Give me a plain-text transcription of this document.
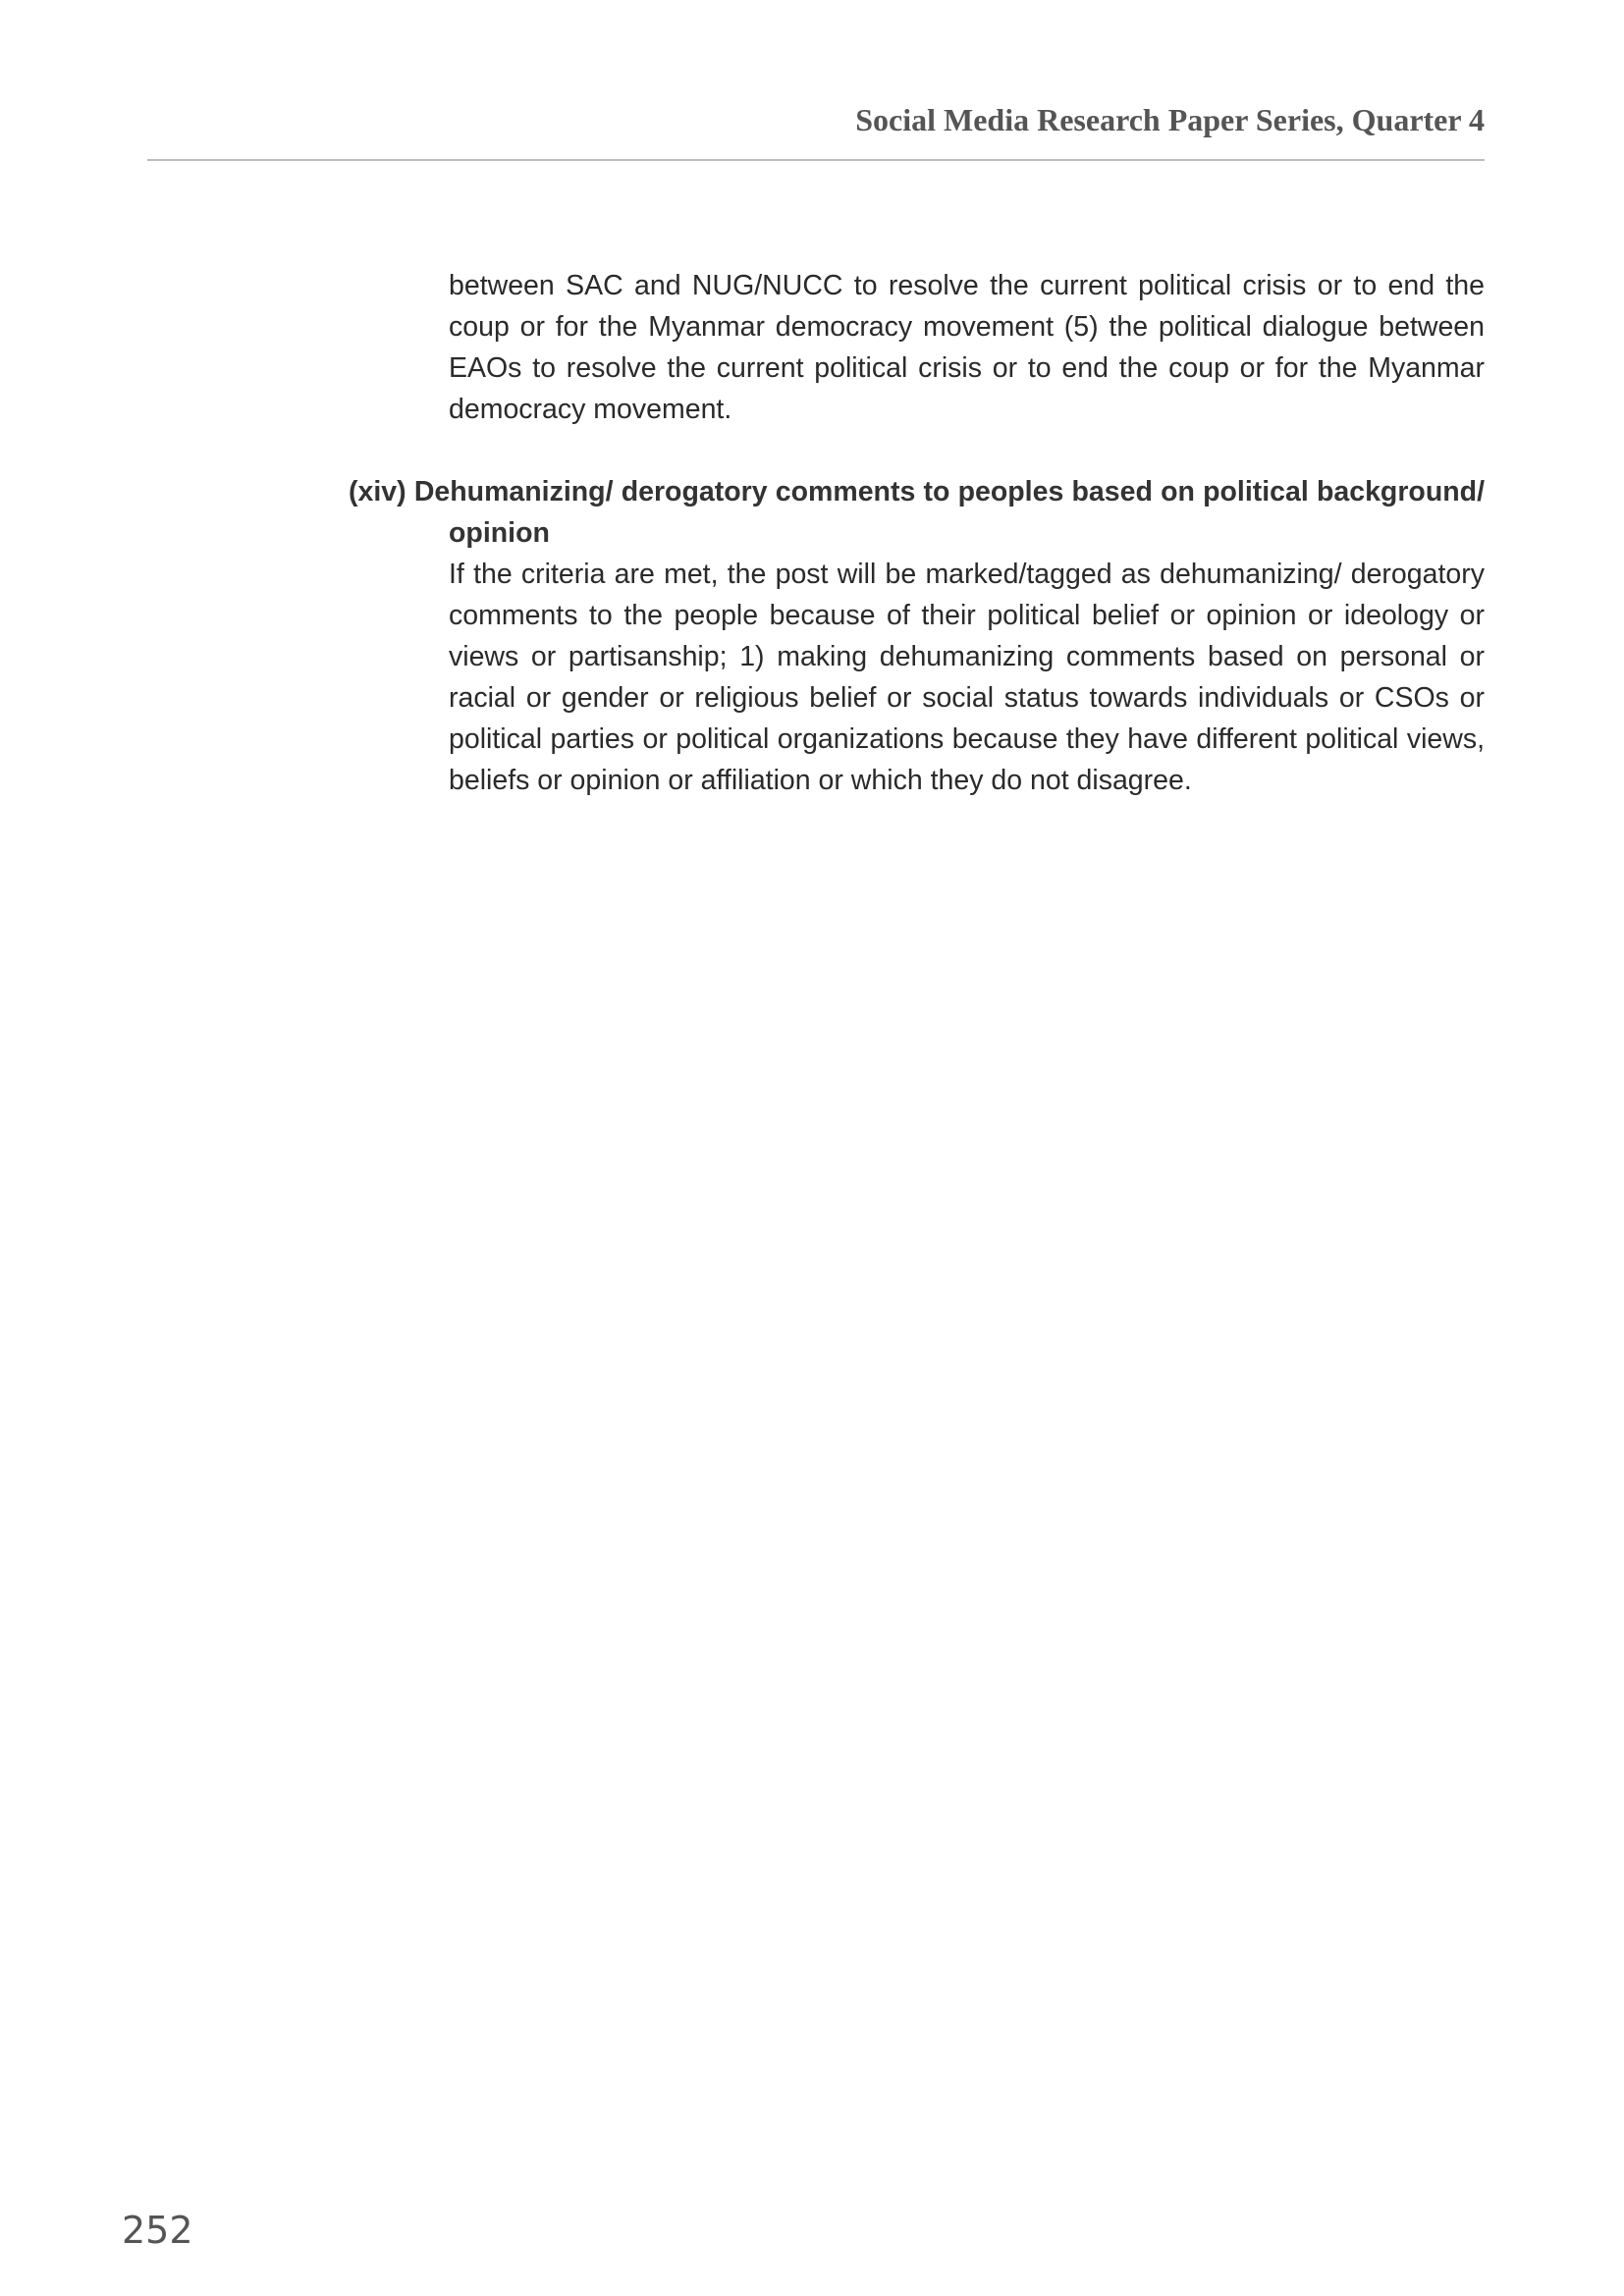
Social Media Research Paper Series, Quarter 4

between SAC and NUG/NUCC to resolve the current political crisis or to end the coup or for the Myanmar democracy movement (5) the political dialogue between EAOs to resolve the current political crisis or to end the coup or for the Myanmar democracy movement.

(xiv) Dehumanizing/ derogatory comments to peoples based on political background/ opinion

If the criteria are met, the post will be marked/tagged as dehumanizing/ derogatory comments to the people because of their political belief or opinion or ideology or views or partisanship; 1) making dehumanizing comments based on personal or racial or gender or religious belief or social status towards individuals or CSOs or political parties or political organizations because they have different political views, beliefs or opinion or affiliation or which they do not disagree.

252
